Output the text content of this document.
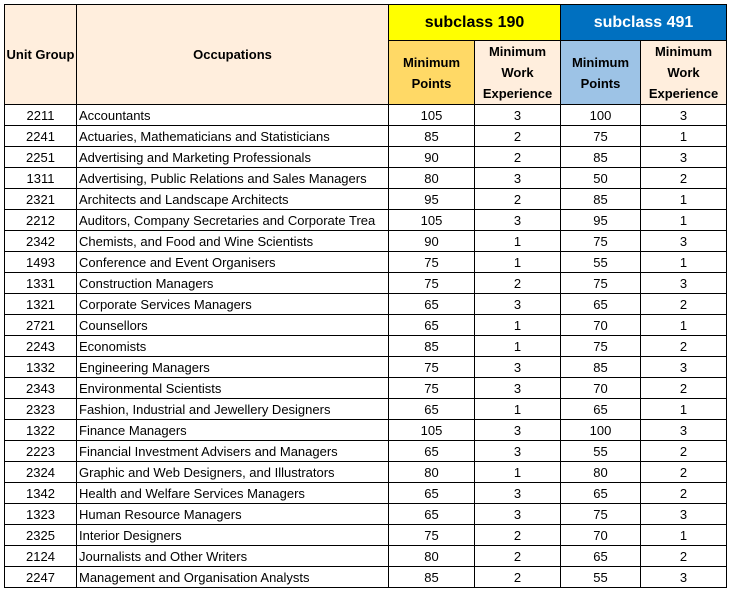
Unit Group	Occupations	subclass 190		subclass 491	

		Minimum Points	Minimum Work Experience	Minimum Points	Minimum Work Experience
2211	Accountants	105	3	100	3
2241	Actuaries, Mathematicians and Statisticians	85	2	75	1
2251	Advertising and Marketing Professionals	90	2	85	3
1311	Advertising, Public Relations and Sales Managers	80	3	50	2
2321	Architects and Landscape Architects	95	2	85	1
2212	Auditors, Company Secretaries and Corporate Trea	105	3	95	1
2342	Chemists, and Food and Wine Scientists	90	1	75	3
1493	Conference and Event Organisers	75	1	55	1
1331	Construction Managers	75	2	75	3
1321	Corporate Services Managers	65	3	65	2
2721	Counsellors	65	1	70	1
2243	Economists	85	1	75	2
1332	Engineering Managers	75	3	85	3
2343	Environmental Scientists	75	3	70	2
2323	Fashion, Industrial and Jewellery Designers	65	1	65	1
1322	Finance Managers	105	3	100	3
2223	Financial Investment Advisers and Managers	65	3	55	2
2324	Graphic and Web Designers, and Illustrators	80	1	80	2
1342	Health and Welfare Services Managers	65	3	65	2
1323	Human Resource Managers	65	3	75	3
2325	Interior Designers	75	2	70	1
2124	Journalists and Other Writers	80	2	65	2
2247	Management and Organisation Analysts	85	2	55	3
